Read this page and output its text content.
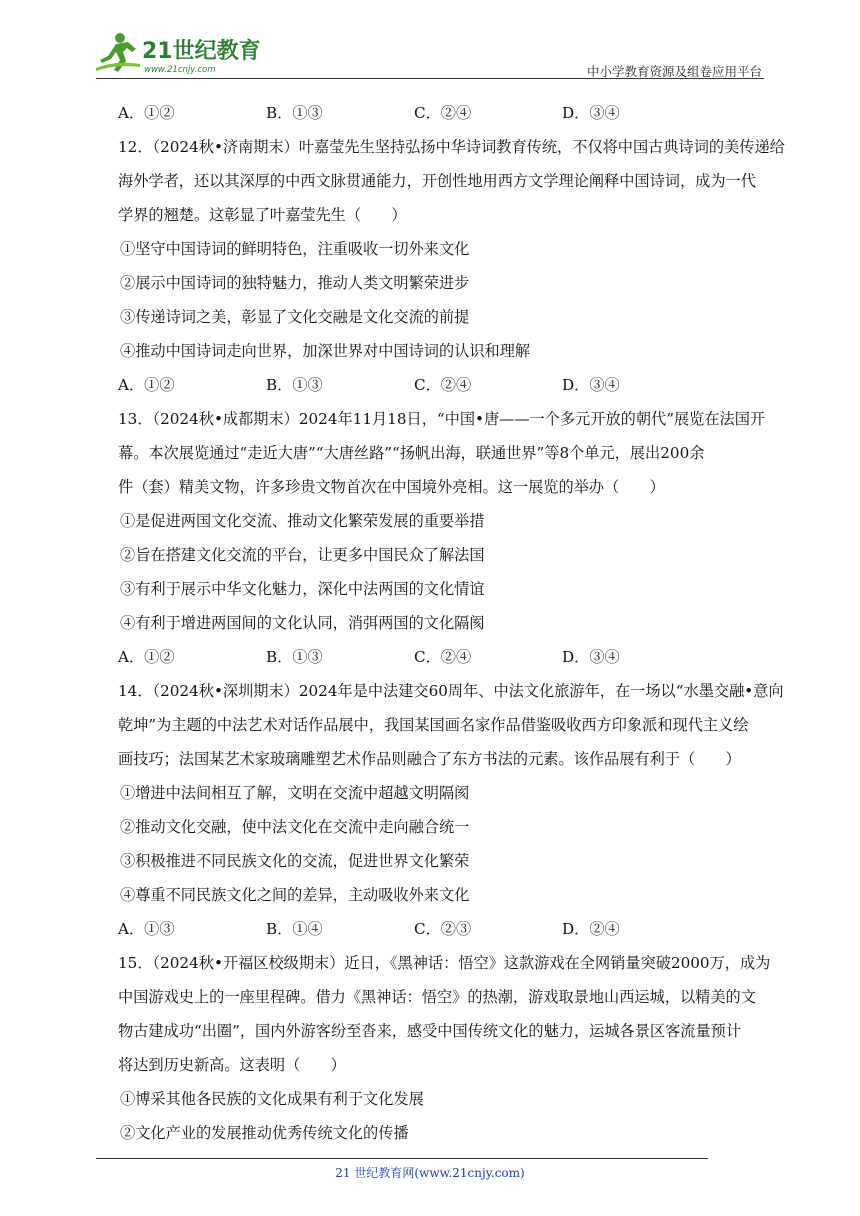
21世纪教育
www.21cnjy.com	中小学教育资源及组卷应用平台
A．①②	B．①③	C．②④	D．③④
12．（2024秋•济南期末）叶嘉莹先生坚持弘扬中华诗词教育传统，不仅将中国古典诗词的美传递给
海外学者，还以其深厚的中西文脉贯通能力，开创性地用西方文学理论阐释中国诗词，成为一代
学界的翘楚。这彰显了叶嘉莹先生（　　）
①坚守中国诗词的鲜明特色，注重吸收一切外来文化
②展示中国诗词的独特魅力，推动人类文明繁荣进步
③传递诗词之美，彰显了文化交融是文化交流的前提
④推动中国诗词走向世界，加深世界对中国诗词的认识和理解
A．①②	B．①③	C．②④	D．③④
13．（2024秋•成都期末）2024年11月18日，“中国•唐——一个多元开放的朝代”展览在法国开
幕。本次展览通过“走近大唐”“大唐丝路”“扬帆出海，联通世界”等8个单元，展出200余
件（套）精美文物，许多珍贵文物首次在中国境外亮相。这一展览的举办（　　）
①是促进两国文化交流、推动文化繁荣发展的重要举措
②旨在搭建文化交流的平台，让更多中国民众了解法国
③有利于展示中华文化魅力，深化中法两国的文化情谊
④有利于增进两国间的文化认同，消弭两国的文化隔阂
A．①②	B．①③	C．②④	D．③④
14．（2024秋•深圳期末）2024年是中法建交60周年、中法文化旅游年，在一场以“水墨交融•意向
乾坤”为主题的中法艺术对话作品展中，我国某国画名家作品借鉴吸收西方印象派和现代主义绘
画技巧；法国某艺术家玻璃雕塑艺术作品则融合了东方书法的元素。该作品展有利于（　　）
①增进中法间相互了解，文明在交流中超越文明隔阂
②推动文化交融，使中法文化在交流中走向融合统一
③积极推进不同民族文化的交流，促进世界文化繁荣
④尊重不同民族文化之间的差异，主动吸收外来文化
A．①③	B．①④	C．②③	D．②④
15．（2024秋•开福区校级期末）近日，《黑神话：悟空》这款游戏在全网销量突破2000万，成为
中国游戏史上的一座里程碑。借力《黑神话：悟空》的热潮，游戏取景地山西运城，以精美的文
物古建成功“出圈”，国内外游客纷至沓来，感受中国传统文化的魅力，运城各景区客流量预计
将达到历史新高。这表明（　　）
①博采其他各民族的文化成果有利于文化发展
②文化产业的发展推动优秀传统文化的传播
21 世纪教育网(www.21cnjy.com)
